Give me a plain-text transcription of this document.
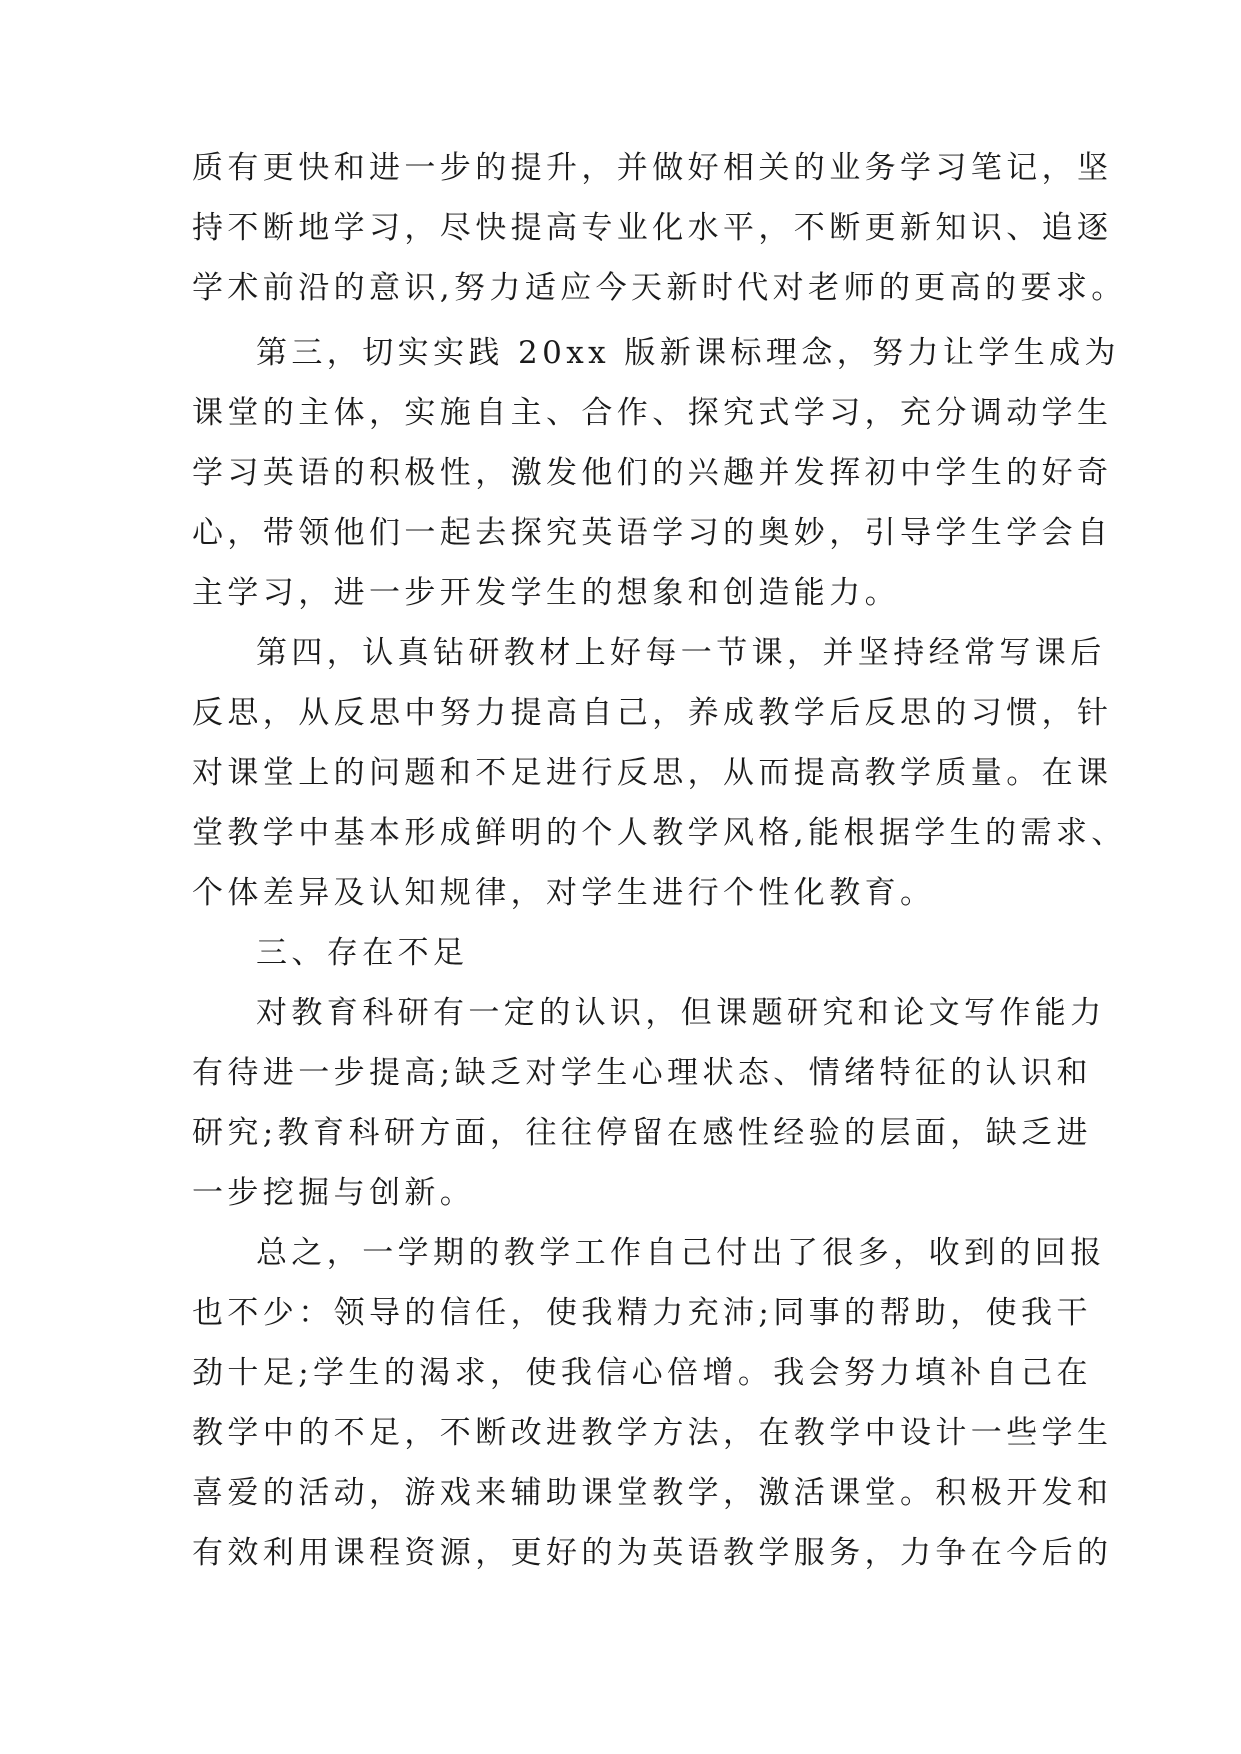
质有更快和进一步的提升，并做好相关的业务学习笔记，坚
持不断地学习，尽快提高专业化水平，不断更新知识、追逐
学术前沿的意识,努力适应今天新时代对老师的更高的要求。
第三，切实实践 20xx 版新课标理念，努力让学生成为
课堂的主体，实施自主、合作、探究式学习，充分调动学生
学习英语的积极性，激发他们的兴趣并发挥初中学生的好奇
心，带领他们一起去探究英语学习的奥妙，引导学生学会自
主学习，进一步开发学生的想象和创造能力。
第四，认真钻研教材上好每一节课，并坚持经常写课后
反思，从反思中努力提高自己，养成教学后反思的习惯，针
对课堂上的问题和不足进行反思，从而提高教学质量。在课
堂教学中基本形成鲜明的个人教学风格,能根据学生的需求、
个体差异及认知规律，对学生进行个性化教育。
三、存在不足
对教育科研有一定的认识，但课题研究和论文写作能力
有待进一步提高;缺乏对学生心理状态、情绪特征的认识和
研究;教育科研方面，往往停留在感性经验的层面，缺乏进
一步挖掘与创新。
总之，一学期的教学工作自己付出了很多，收到的回报
也不少：领导的信任，使我精力充沛;同事的帮助，使我干
劲十足;学生的渴求，使我信心倍增。我会努力填补自己在
教学中的不足，不断改进教学方法，在教学中设计一些学生
喜爱的活动，游戏来辅助课堂教学，激活课堂。积极开发和
有效利用课程资源，更好的为英语教学服务，力争在今后的
